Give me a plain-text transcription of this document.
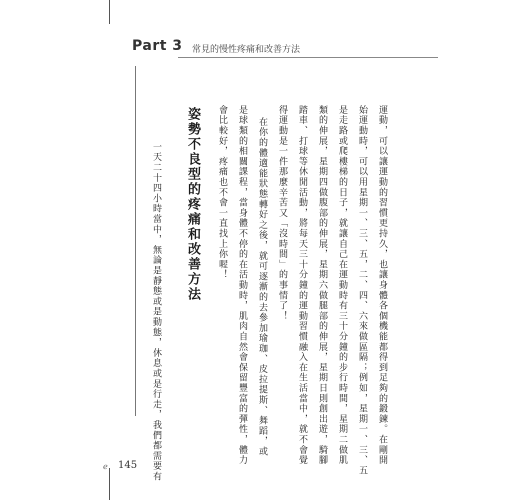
Part 3 常見的慢性疼痛和改善方法
運動，可以讓運動的習慣更持久，也讓身體各個機能都得到足夠的鍛鍊。在剛開
始運動時，可以用星期一、三、五，二、四、六來做區隔；例如，星期一、三、五
是走路或爬樓梯的日子，就讓自己在運動時有三十分鐘的步行時間，星期二做肌
類的伸展，星期四做腹部的伸展，星期六做腿部的伸展，星期日則創出遊，騎腳
踏車、打球等休閒活動，將每天三十分鐘的運動習慣融入在生活當中，就不會覺
得運動是一件那麼辛苦又「沒時間」的事情了！
在你的體適能狀態轉好之後，就可逐漸的去參加瑜珈、皮拉提斯、舞蹈，或
是球類的相關課程，當身體不停的在活動時，肌肉自然會保留豐富的彈性，體力
會比較好，疼痛也不會一直找上你喔！
姿勢不良型的疼痛和改善方法
一天二十四小時當中，無論是靜態或是動態，休息或是行走，我們都需要有
ℯ 145
